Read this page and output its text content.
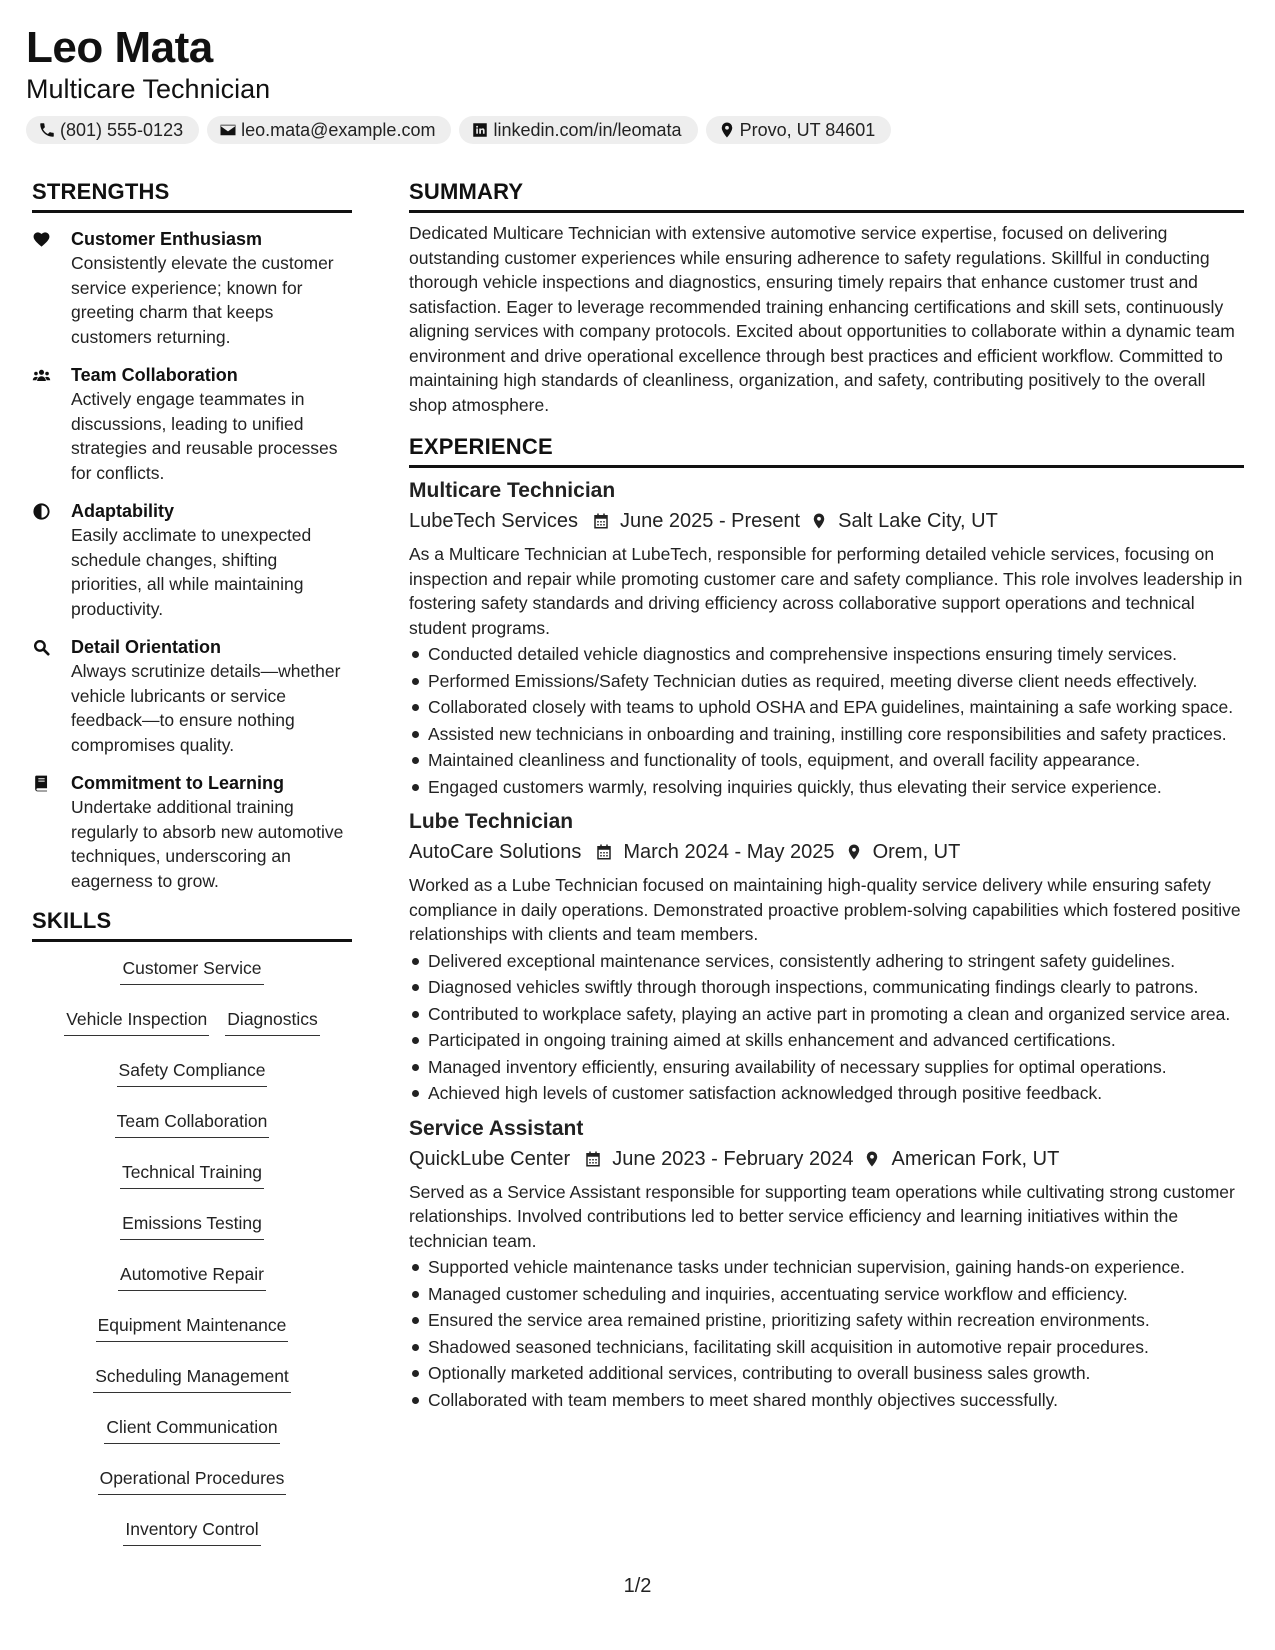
Leo Mata
Multicare Technician
(801) 555-0123	leo.mata@example.com	linkedin.com/in/leomata	Provo, UT 84601
STRENGTHS
Customer Enthusiasm
Consistently elevate the customer service experience; known for greeting charm that keeps customers returning.
Team Collaboration
Actively engage teammates in discussions, leading to unified strategies and reusable processes for conflicts.
Adaptability
Easily acclimate to unexpected schedule changes, shifting priorities, all while maintaining productivity.
Detail Orientation
Always scrutinize details—whether vehicle lubricants or service feedback—to ensure nothing compromises quality.
Commitment to Learning
Undertake additional training regularly to absorb new automotive techniques, underscoring an eagerness to grow.
SKILLS
Customer Service
Vehicle Inspection Diagnostics
Safety Compliance
Team Collaboration
Technical Training
Emissions Testing
Automotive Repair
Equipment Maintenance
Scheduling Management
Client Communication
Operational Procedures
Inventory Control
SUMMARY
Dedicated Multicare Technician with extensive automotive service expertise, focused on delivering outstanding customer experiences while ensuring adherence to safety regulations. Skillful in conducting thorough vehicle inspections and diagnostics, ensuring timely repairs that enhance customer trust and satisfaction. Eager to leverage recommended training enhancing certifications and skill sets, continuously aligning services with company protocols. Excited about opportunities to collaborate within a dynamic team environment and drive operational excellence through best practices and efficient workflow. Committed to maintaining high standards of cleanliness, organization, and safety, contributing positively to the overall shop atmosphere.
EXPERIENCE
Multicare Technician
LubeTech Services June 2025 - Present Salt Lake City, UT
As a Multicare Technician at LubeTech, responsible for performing detailed vehicle services, focusing on inspection and repair while promoting customer care and safety compliance. This role involves leadership in fostering safety standards and driving efficiency across collaborative support operations and technical student programs.
Conducted detailed vehicle diagnostics and comprehensive inspections ensuring timely services.
Performed Emissions/Safety Technician duties as required, meeting diverse client needs effectively.
Collaborated closely with teams to uphold OSHA and EPA guidelines, maintaining a safe working space.
Assisted new technicians in onboarding and training, instilling core responsibilities and safety practices.
Maintained cleanliness and functionality of tools, equipment, and overall facility appearance.
Engaged customers warmly, resolving inquiries quickly, thus elevating their service experience.
Lube Technician
AutoCare Solutions March 2024 - May 2025 Orem, UT
Worked as a Lube Technician focused on maintaining high-quality service delivery while ensuring safety compliance in daily operations. Demonstrated proactive problem-solving capabilities which fostered positive relationships with clients and team members.
Delivered exceptional maintenance services, consistently adhering to stringent safety guidelines.
Diagnosed vehicles swiftly through thorough inspections, communicating findings clearly to patrons.
Contributed to workplace safety, playing an active part in promoting a clean and organized service area.
Participated in ongoing training aimed at skills enhancement and advanced certifications.
Managed inventory efficiently, ensuring availability of necessary supplies for optimal operations.
Achieved high levels of customer satisfaction acknowledged through positive feedback.
Service Assistant
QuickLube Center June 2023 - February 2024 American Fork, UT
Served as a Service Assistant responsible for supporting team operations while cultivating strong customer relationships. Involved contributions led to better service efficiency and learning initiatives within the technician team.
Supported vehicle maintenance tasks under technician supervision, gaining hands-on experience.
Managed customer scheduling and inquiries, accentuating service workflow and efficiency.
Ensured the service area remained pristine, prioritizing safety within recreation environments.
Shadowed seasoned technicians, facilitating skill acquisition in automotive repair procedures.
Optionally marketed additional services, contributing to overall business sales growth.
Collaborated with team members to meet shared monthly objectives successfully.
1/2
